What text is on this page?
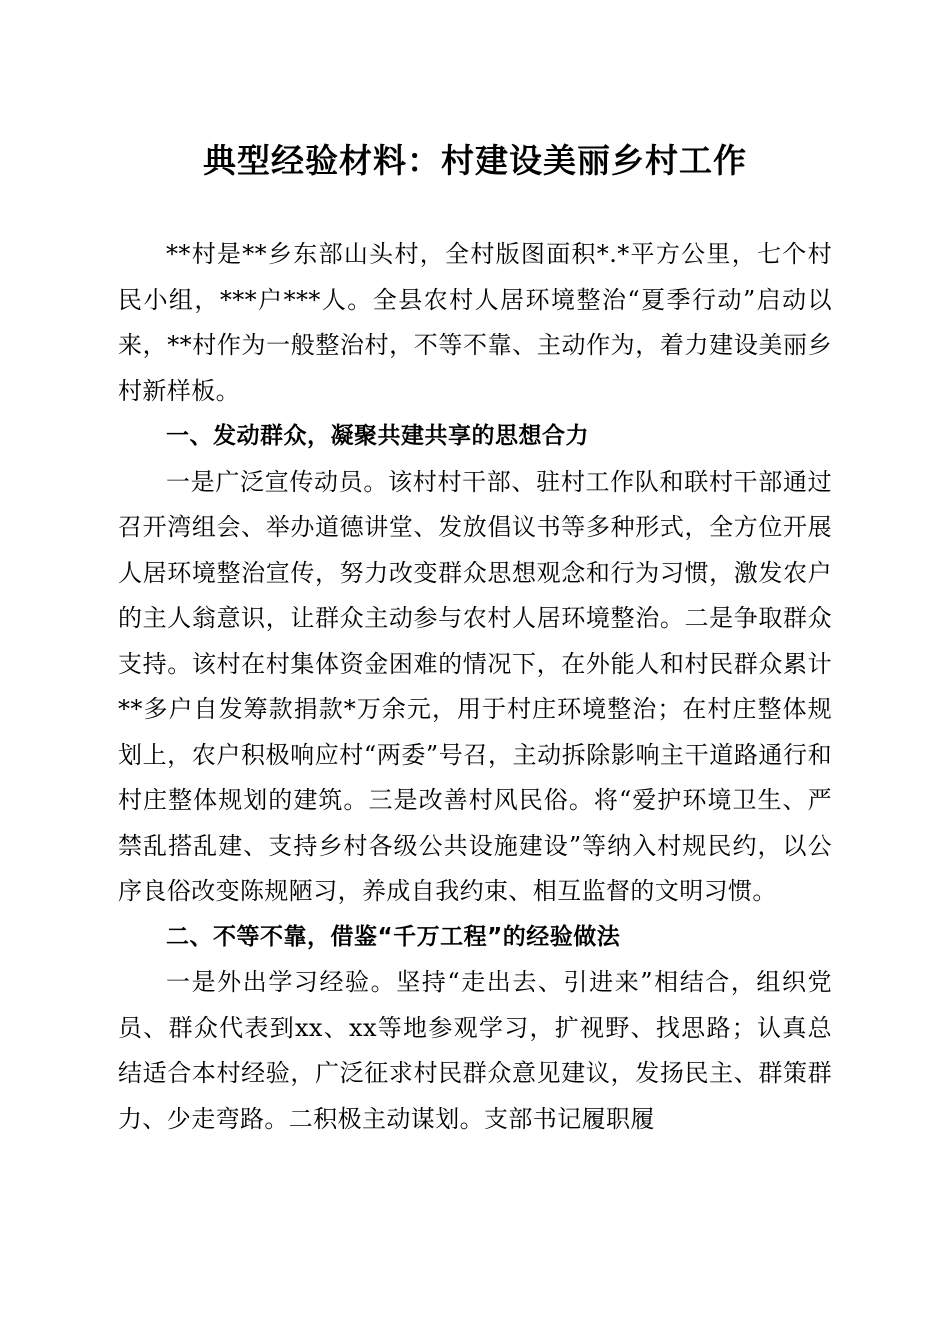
典型经验材料：村建设美丽乡村工作

**村是**乡东部山头村，全村版图面积*.*平方公里，七个村民小组，***户***人。全县农村人居环境整治“夏季行动”启动以来，**村作为一般整治村，不等不靠、主动作为，着力建设美丽乡村新样板。

一、发动群众，凝聚共建共享的思想合力

一是广泛宣传动员。该村村干部、驻村工作队和联村干部通过召开湾组会、举办道德讲堂、发放倡议书等多种形式，全方位开展人居环境整治宣传，努力改变群众思想观念和行为习惯，激发农户的主人翁意识，让群众主动参与农村人居环境整治。二是争取群众支持。该村在村集体资金困难的情况下，在外能人和村民群众累计**多户自发筹款捐款*万余元，用于村庄环境整治；在村庄整体规划上，农户积极响应村“两委”号召，主动拆除影响主干道路通行和村庄整体规划的建筑。三是改善村风民俗。将“爱护环境卫生、严禁乱搭乱建、支持乡村各级公共设施建设”等纳入村规民约，以公序良俗改变陈规陋习，养成自我约束、相互监督的文明习惯。

二、不等不靠，借鉴“千万工程”的经验做法

一是外出学习经验。坚持“走出去、引进来”相结合，组织党员、群众代表到xx、xx等地参观学习，扩视野、找思路；认真总结适合本村经验，广泛征求村民群众意见建议，发扬民主、群策群力、少走弯路。二积极主动谋划。支部书记履职履
